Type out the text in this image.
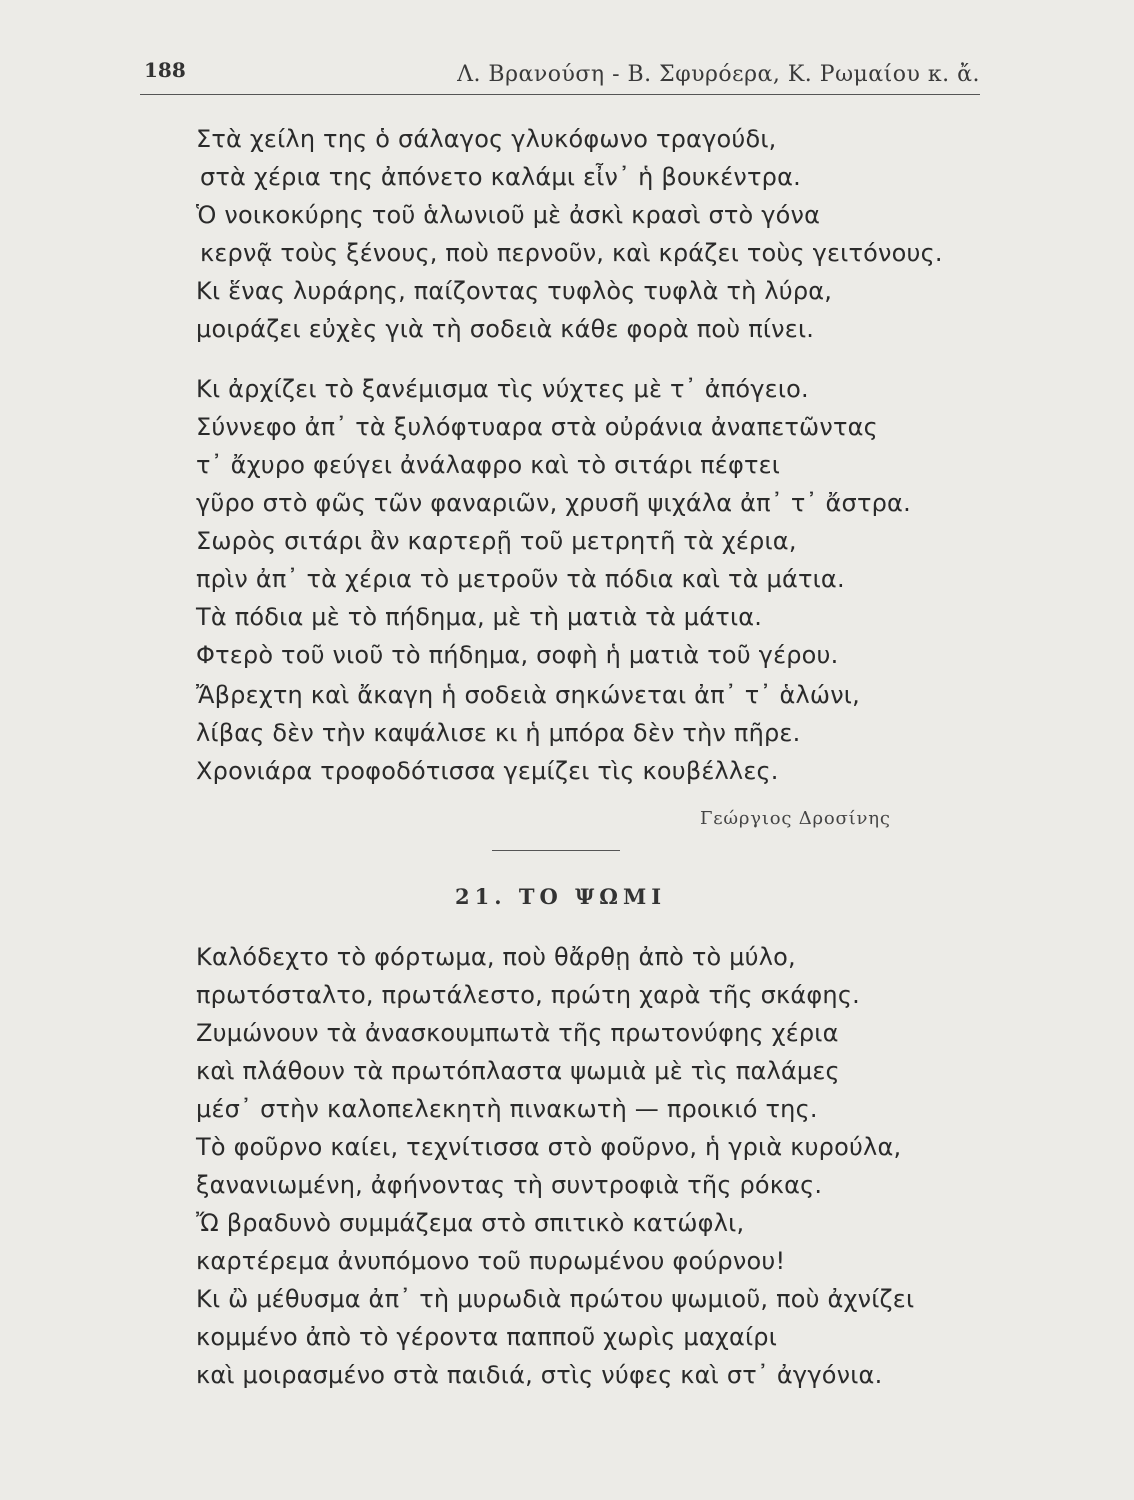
188	Λ. Βρανούση - Β. Σφυρόερα, Κ. Ρωμαίου κ. ἄ.
Στὰ χείλη της ὁ σάλαγος γλυκόφωνο τραγούδι,
στὰ χέρια της ἀπόνετο καλάμι εἶν᾿ ἡ βουκέντρα.
Ὁ νοικοκύρης τοῦ ἁλωνιοῦ μὲ ἀσκὶ κρασὶ στὸ γόνα
κερνᾷ τοὺς ξένους, ποὺ περνοῦν, καὶ κράζει τοὺς γειτόνους.
Κι ἕνας λυράρης, παίζοντας τυφλὸς τυφλὰ τὴ λύρα,
μοιράζει εὐχὲς γιὰ τὴ σοδειὰ κάθε φορὰ ποὺ πίνει.
Κι ἀρχίζει τὸ ξανέμισμα τὶς νύχτες μὲ τ᾿ ἀπόγειο.
Σύννεφο ἀπ᾿ τὰ ξυλόφτυαρα στὰ οὐράνια ἀναπετῶντας
τ᾿ ἄχυρο φεύγει ἀνάλαφρο καὶ τὸ σιτάρι πέφτει
γῦρο στὸ φῶς τῶν φαναριῶν, χρυσῆ ψιχάλα ἀπ᾿ τ᾿ ἄστρα.
Σωρὸς σιτάρι ἂν καρτερῇ τοῦ μετρητῆ τὰ χέρια,
πρὶν ἀπ᾿ τὰ χέρια τὸ μετροῦν τὰ πόδια καὶ τὰ μάτια.
Τὰ πόδια μὲ τὸ πήδημα, μὲ τὴ ματιὰ τὰ μάτια.
Φτερὸ τοῦ νιοῦ τὸ πήδημα, σοφὴ ἡ ματιὰ τοῦ γέρου.
Ἄβρεχτη καὶ ἄκαγη ἡ σοδειὰ σηκώνεται ἀπ᾿ τ᾿ ἁλώνι,
λίβας δὲν τὴν καψάλισε κι ἡ μπόρα δὲν τὴν πῆρε.
Χρονιάρα τροφοδότισσα γεμίζει τὶς κουβέλλες.
Γεώργιος Δροσίνης
21. ΤΟ ΨΩΜΙ
Καλόδεχτο τὸ φόρτωμα, ποὺ θἄρθῃ ἀπὸ τὸ μύλο,
πρωτόσταλτο, πρωτάλεστο, πρώτη χαρὰ τῆς σκάφης.
Ζυμώνουν τὰ ἀνασκουμπωτὰ τῆς πρωτονύφης χέρια
καὶ πλάθουν τὰ πρωτόπλαστα ψωμιὰ μὲ τὶς παλάμες
μέσ᾿ στὴν καλοπελεκητὴ πινακωτὴ — προικιό της.
Τὸ φοῦρνο καίει, τεχνίτισσα στὸ φοῦρνο, ἡ γριὰ κυρούλα,
ξανανιωμένη, ἀφήνοντας τὴ συντροφιὰ τῆς ρόκας.
Ὤ βραδυνὸ συμμάζεμα στὸ σπιτικὸ κατώφλι,
καρτέρεμα ἀνυπόμονο τοῦ πυρωμένου φούρνου!
Κι ὢ μέθυσμα ἀπ᾿ τὴ μυρωδιὰ πρώτου ψωμιοῦ, ποὺ ἀχνίζει
κομμένο ἀπὸ τὸ γέροντα παπποῦ χωρὶς μαχαίρι
καὶ μοιρασμένο στὰ παιδιά, στὶς νύφες καὶ στ᾿ ἀγγόνια.
